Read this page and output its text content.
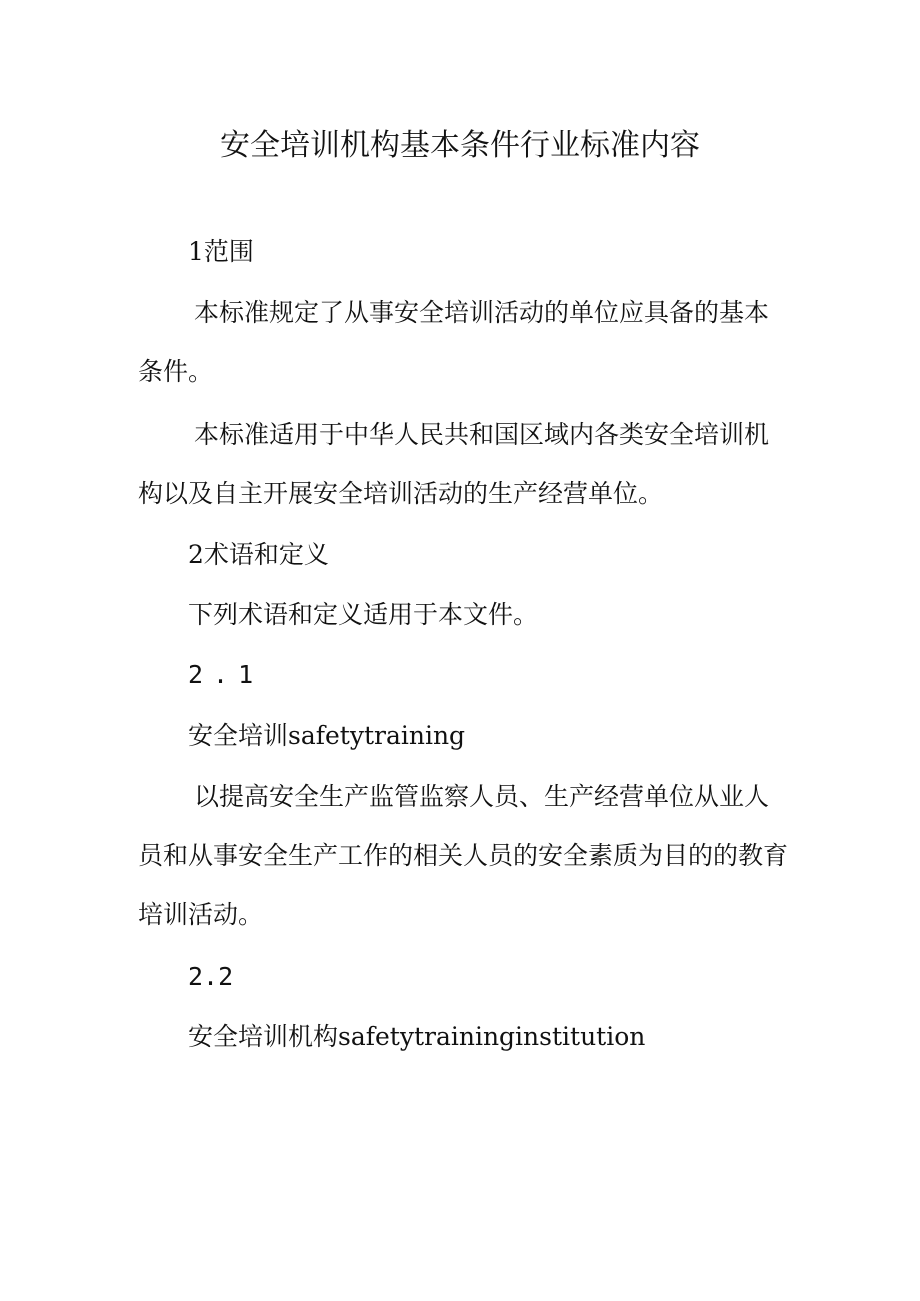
安全培训机构基本条件行业标准内容
1范围
本标准规定了从事安全培训活动的单位应具备的基本条件。
本标准适用于中华人民共和国区域内各类安全培训机构以及自主开展安全培训活动的生产经营单位。
2术语和定义
下列术语和定义适用于本文件。
2.1
安全培训safetytraining
以提高安全生产监管监察人员、生产经营单位从业人员和从事安全生产工作的相关人员的安全素质为目的的教育培训活动。
2.2
安全培训机构safetytraininginstitution
